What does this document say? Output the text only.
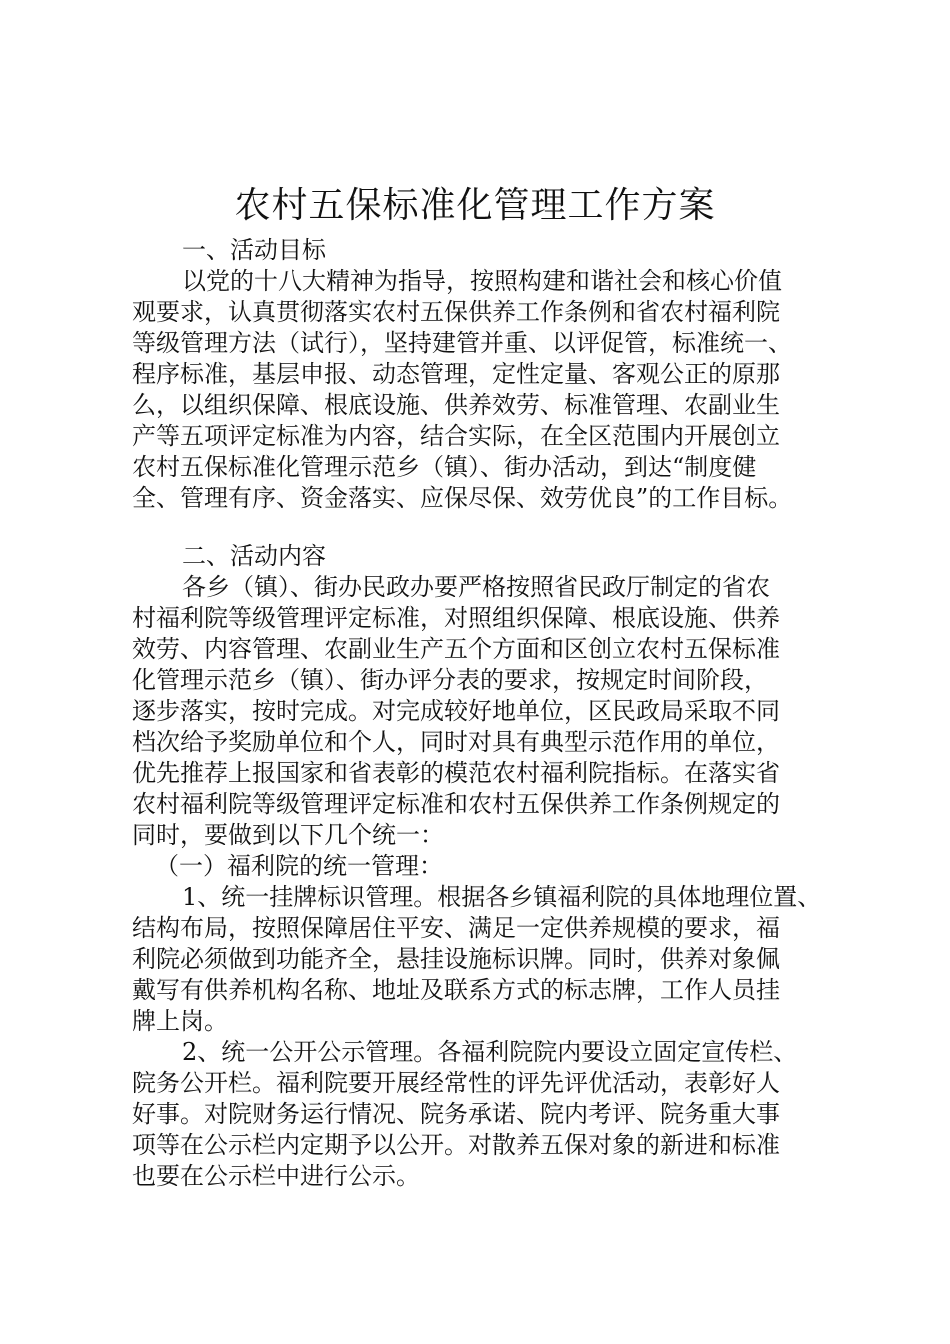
农村五保标准化管理工作方案
一、活动目标
以党的十八大精神为指导，按照构建和谐社会和核心价值
观要求，认真贯彻落实农村五保供养工作条例和省农村福利院
等级管理方法（试行），坚持建管并重、以评促管，标准统一、
程序标准，基层申报、动态管理，定性定量、客观公正的原那
么，以组织保障、根底设施、供养效劳、标准管理、农副业生
产等五项评定标准为内容，结合实际，在全区范围内开展创立
农村五保标准化管理示范乡（镇）、街办活动，到达“制度健
全、管理有序、资金落实、应保尽保、效劳优良”的工作目标。
二、活动内容
各乡（镇）、街办民政办要严格按照省民政厅制定的省农
村福利院等级管理评定标准，对照组织保障、根底设施、供养
效劳、内容管理、农副业生产五个方面和区创立农村五保标准
化管理示范乡（镇）、街办评分表的要求，按规定时间阶段，
逐步落实，按时完成。对完成较好地单位，区民政局采取不同
档次给予奖励单位和个人，同时对具有典型示范作用的单位，
优先推荐上报国家和省表彰的模范农村福利院指标。在落实省
农村福利院等级管理评定标准和农村五保供养工作条例规定的
同时，要做到以下几个统一：
（一）福利院的统一管理：
1、统一挂牌标识管理。根据各乡镇福利院的具体地理位置、
结构布局，按照保障居住平安、满足一定供养规模的要求，福
利院必须做到功能齐全，悬挂设施标识牌。同时，供养对象佩
戴写有供养机构名称、地址及联系方式的标志牌，工作人员挂
牌上岗。
2、统一公开公示管理。各福利院院内要设立固定宣传栏、
院务公开栏。福利院要开展经常性的评先评优活动，表彰好人
好事。对院财务运行情况、院务承诺、院内考评、院务重大事
项等在公示栏内定期予以公开。对散养五保对象的新进和标准
也要在公示栏中进行公示。
